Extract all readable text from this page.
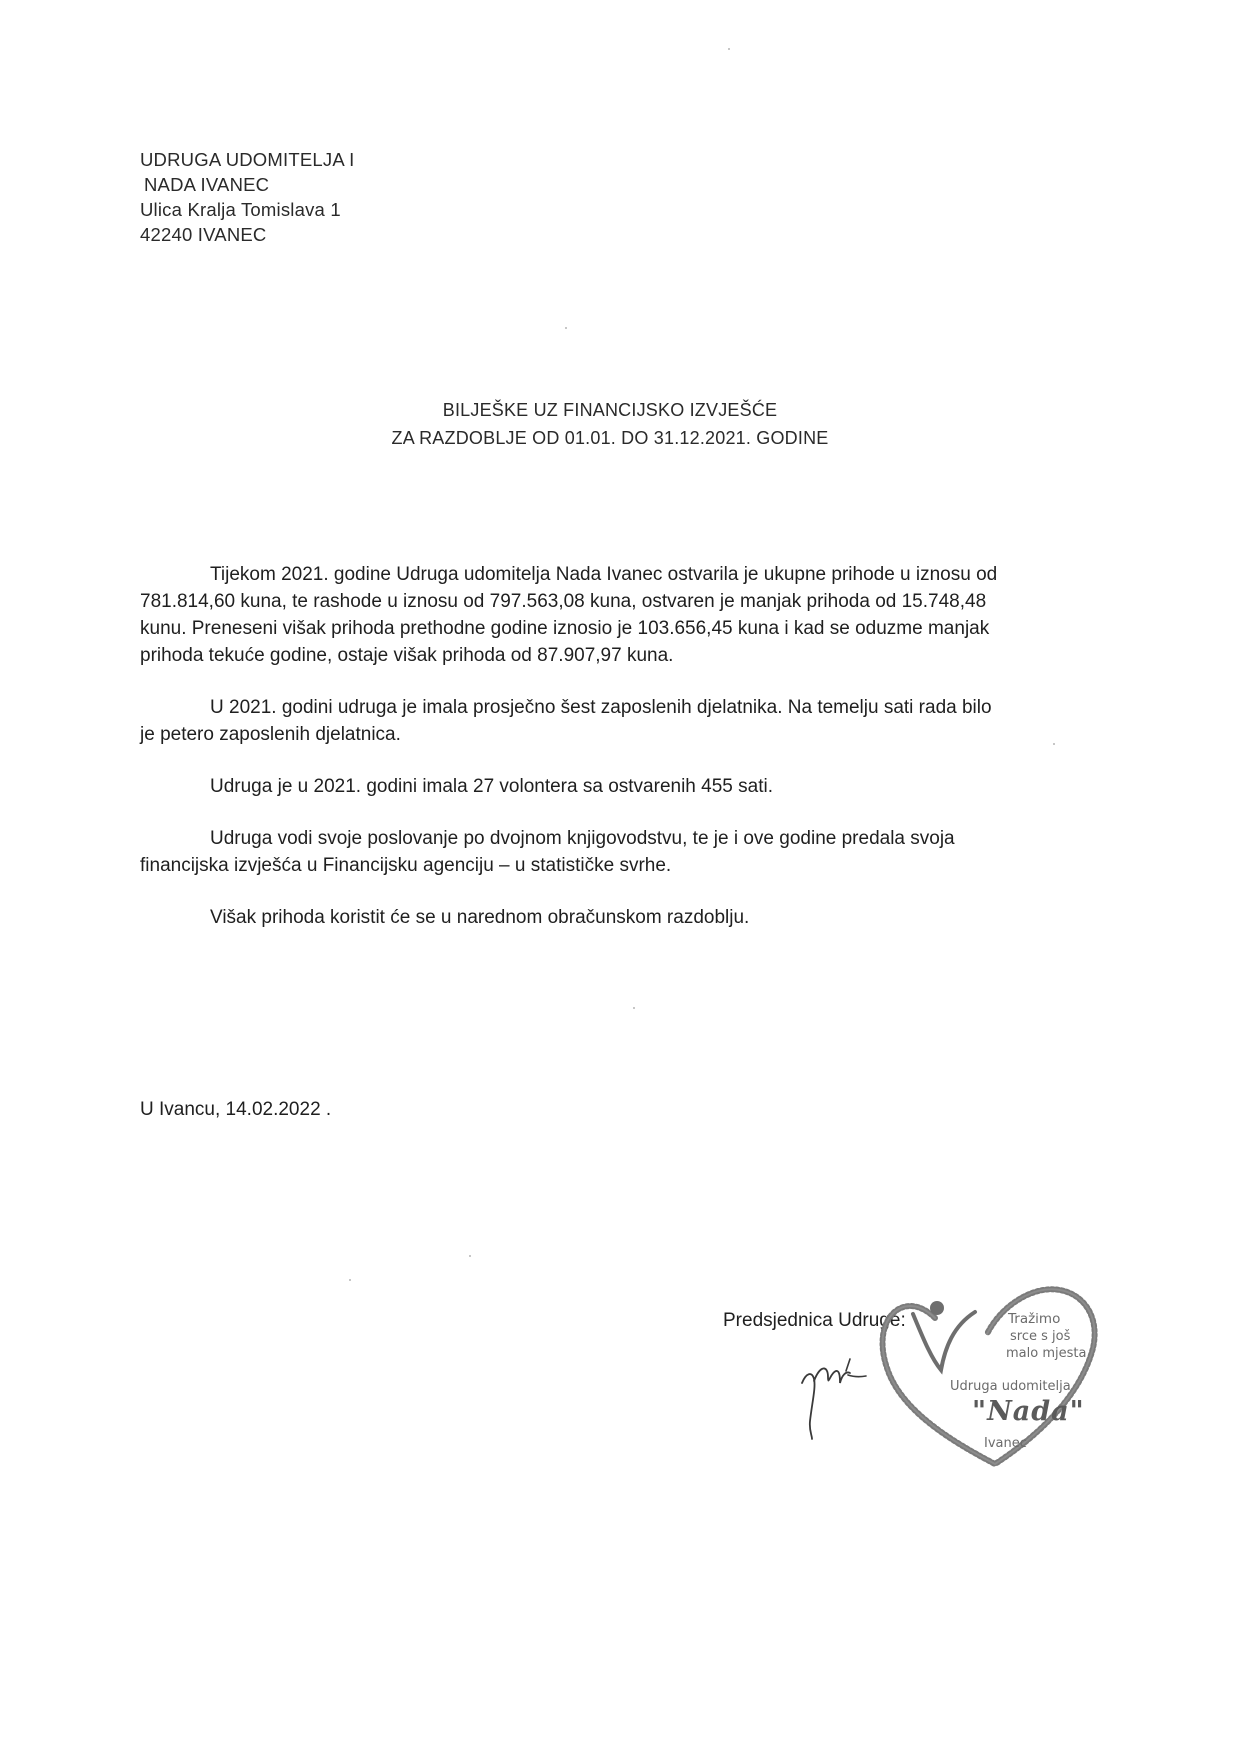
UDRUGA UDOMITELJA I
NADA IVANEC
Ulica Kralja Tomislava 1
42240 IVANEC
BILJEŠKE UZ FINANCIJSKO IZVJEŠĆE
ZA RAZDOBLJE OD 01.01. DO 31.12.2021. GODINE

Tijekom 2021. godine Udruga udomitelja Nada Ivanec ostvarila je ukupne prihode u iznosu od
781.814,60 kuna, te rashode u iznosu od 797.563,08 kuna, ostvaren je manjak prihoda od 15.748,48
kunu. Preneseni višak prihoda prethodne godine iznosio je 103.656,45 kuna i kad se oduzme manjak
prihoda tekuće godine, ostaje višak prihoda od 87.907,97 kuna.

U 2021. godini udruga je imala prosječno šest zaposlenih djelatnika. Na temelju sati rada bilo
je petero zaposlenih djelatnica.

Udruga je u 2021. godini imala 27 volontera sa ostvarenih 455 sati.

Udruga vodi svoje poslovanje po dvojnom knjigovodstvu, te je i ove godine predala svoja
financijska izvješća u Financijsku agenciju – u statističke svrhe.

Višak prihoda koristit će se u narednom obračunskom razdoblju.

U Ivancu, 14.02.2022 .
Predsjednica Udruge:	Tražimo
srce s još
malo mjesta
Udruga udomitelja
"Nada"
Ivanec
